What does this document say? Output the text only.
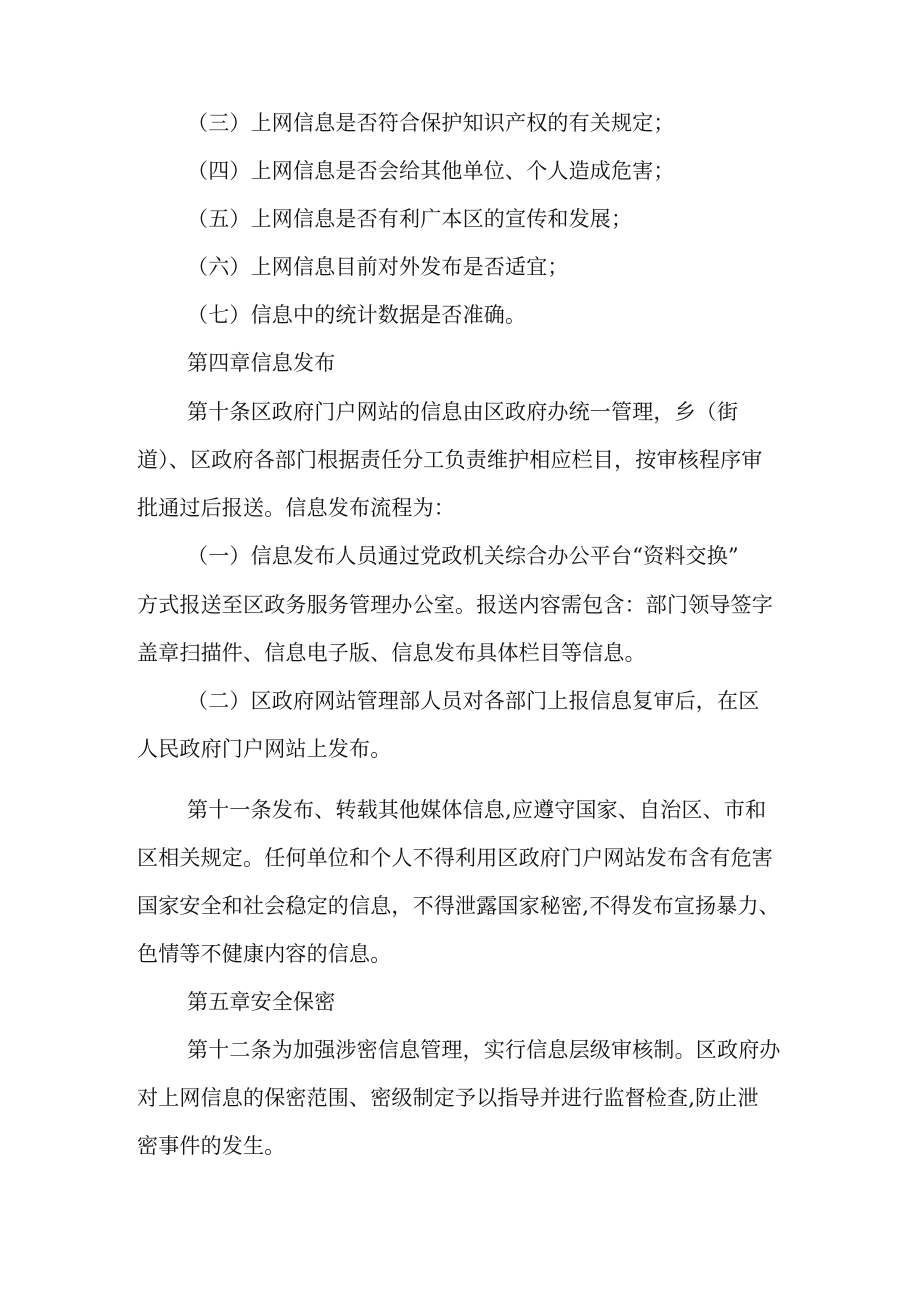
（三）上网信息是否符合保护知识产权的有关规定；

（四）上网信息是否会给其他单位、个人造成危害；

（五）上网信息是否有利广本区的宣传和发展；

（六）上网信息目前对外发布是否适宜；

（七）信息中的统计数据是否准确。

第四章信息发布

第十条区政府门户网站的信息由区政府办统一管理，乡（街

道）、区政府各部门根据责任分工负责维护相应栏目，按审核程序审

批通过后报送。信息发布流程为：

（一）信息发布人员通过党政机关综合办公平台“资料交换”

方式报送至区政务服务管理办公室。报送内容需包含：部门领导签字

盖章扫描件、信息电子版、信息发布具体栏目等信息。

（二）区政府网站管理部人员对各部门上报信息复审后，在区

人民政府门户网站上发布。

第十一条发布、转载其他媒体信息,应遵守国家、自治区、市和

区相关规定。任何单位和个人不得利用区政府门户网站发布含有危害

国家安全和社会稳定的信息，不得泄露国家秘密,不得发布宣扬暴力、

色情等不健康内容的信息。

第五章安全保密

第十二条为加强涉密信息管理，实行信息层级审核制。区政府办

对上网信息的保密范围、密级制定予以指导并进行监督检查,防止泄

密事件的发生。
